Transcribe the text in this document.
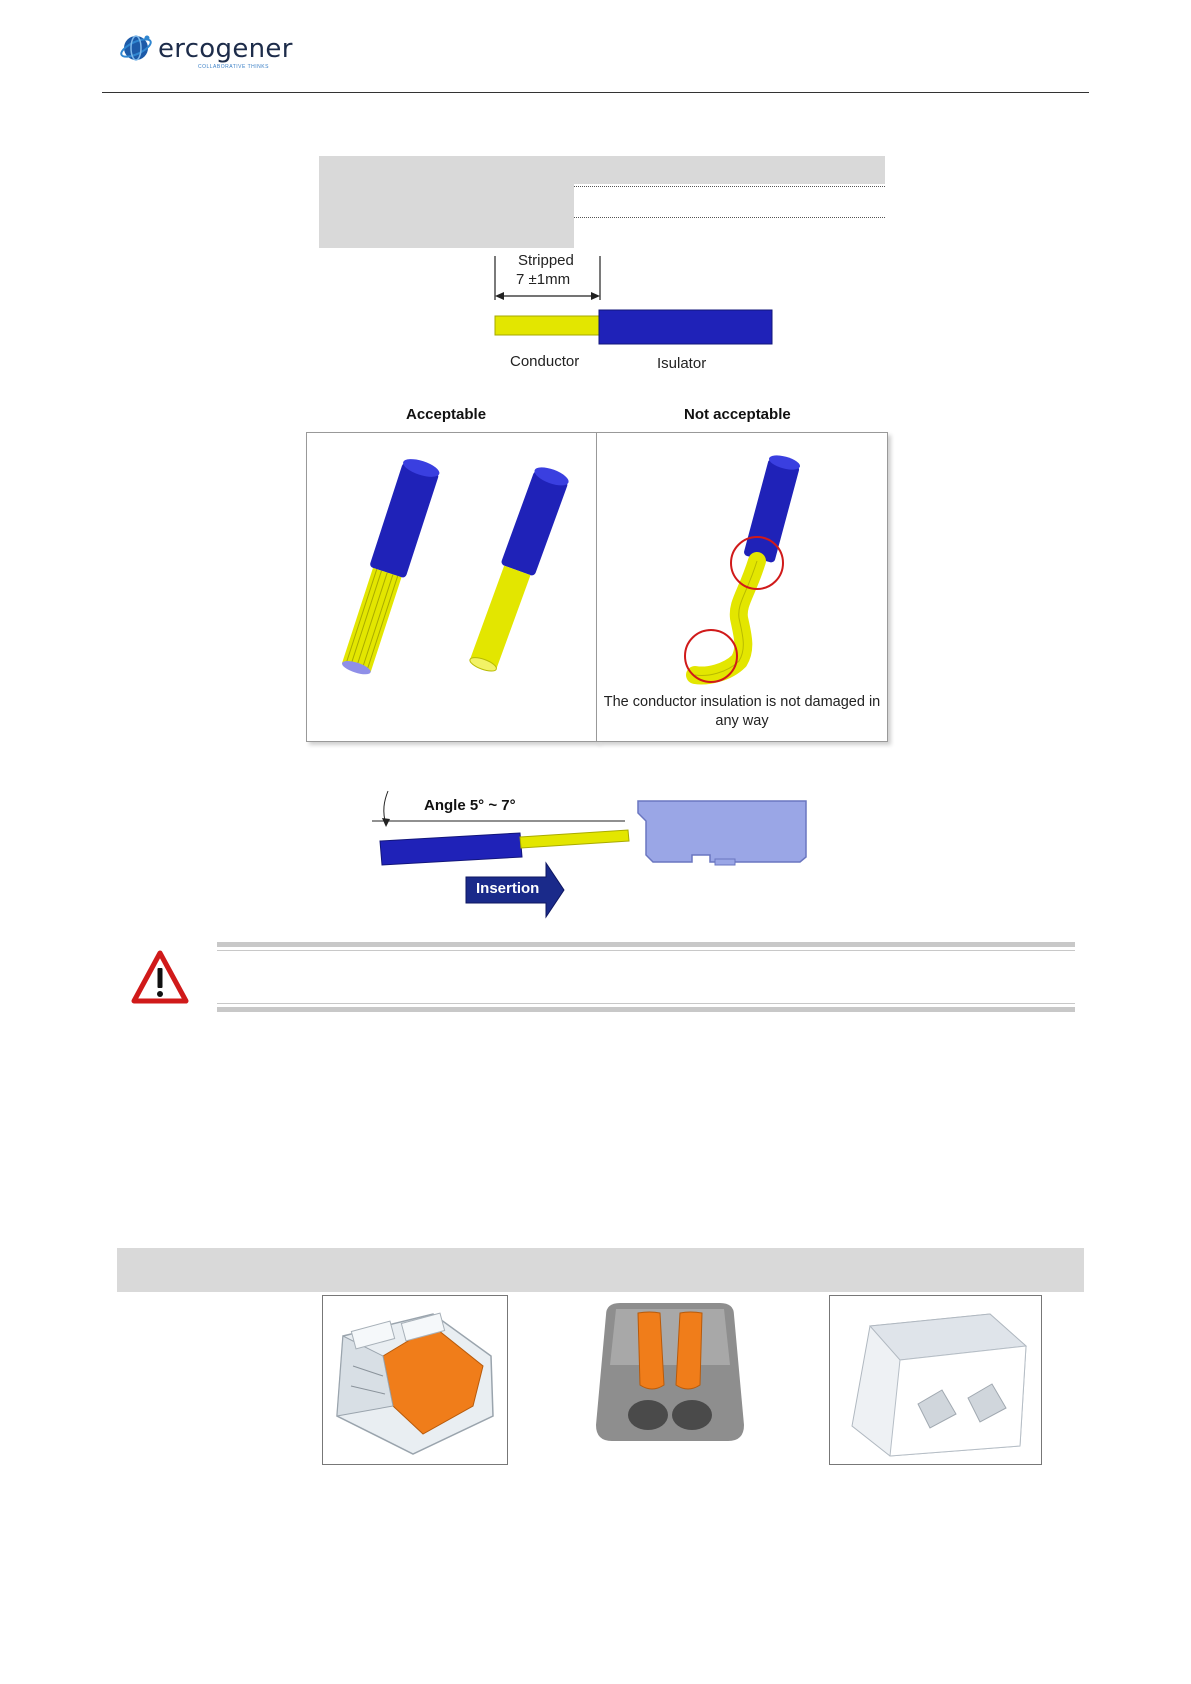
ercogener
COLLABORATIVE THINKS
Stripped
7 ±1mm
Conductor	Isulator
Acceptable	Not acceptable
The conductor insulation is not damaged in any way
Angle 5° ~ 7°
Insertion
